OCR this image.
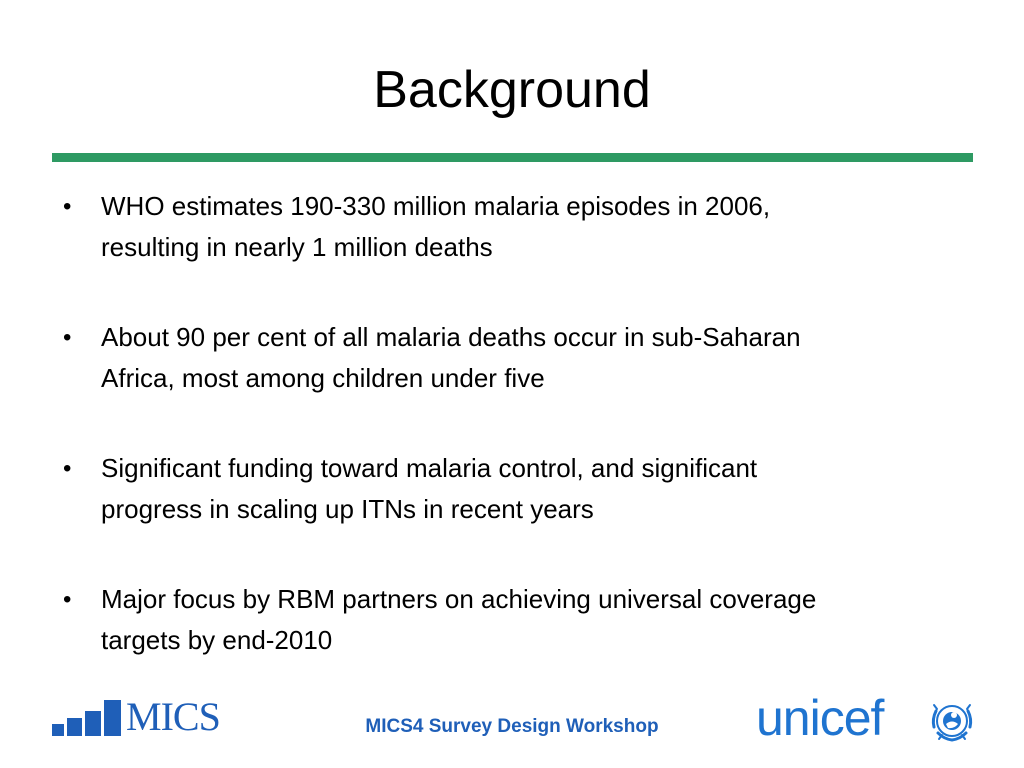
Background
• WHO estimates 190-330 million malaria episodes in 2006,
resulting in nearly 1 million deaths
• About 90 per cent of all malaria deaths occur in sub-Saharan
Africa, most among children under five
• Significant funding toward malaria control, and significant
progress in scaling up ITNs in recent years
• Major focus by RBM partners on achieving universal coverage
targets by end-2010
MICS	MICS4 Survey Design Workshop	unicef
